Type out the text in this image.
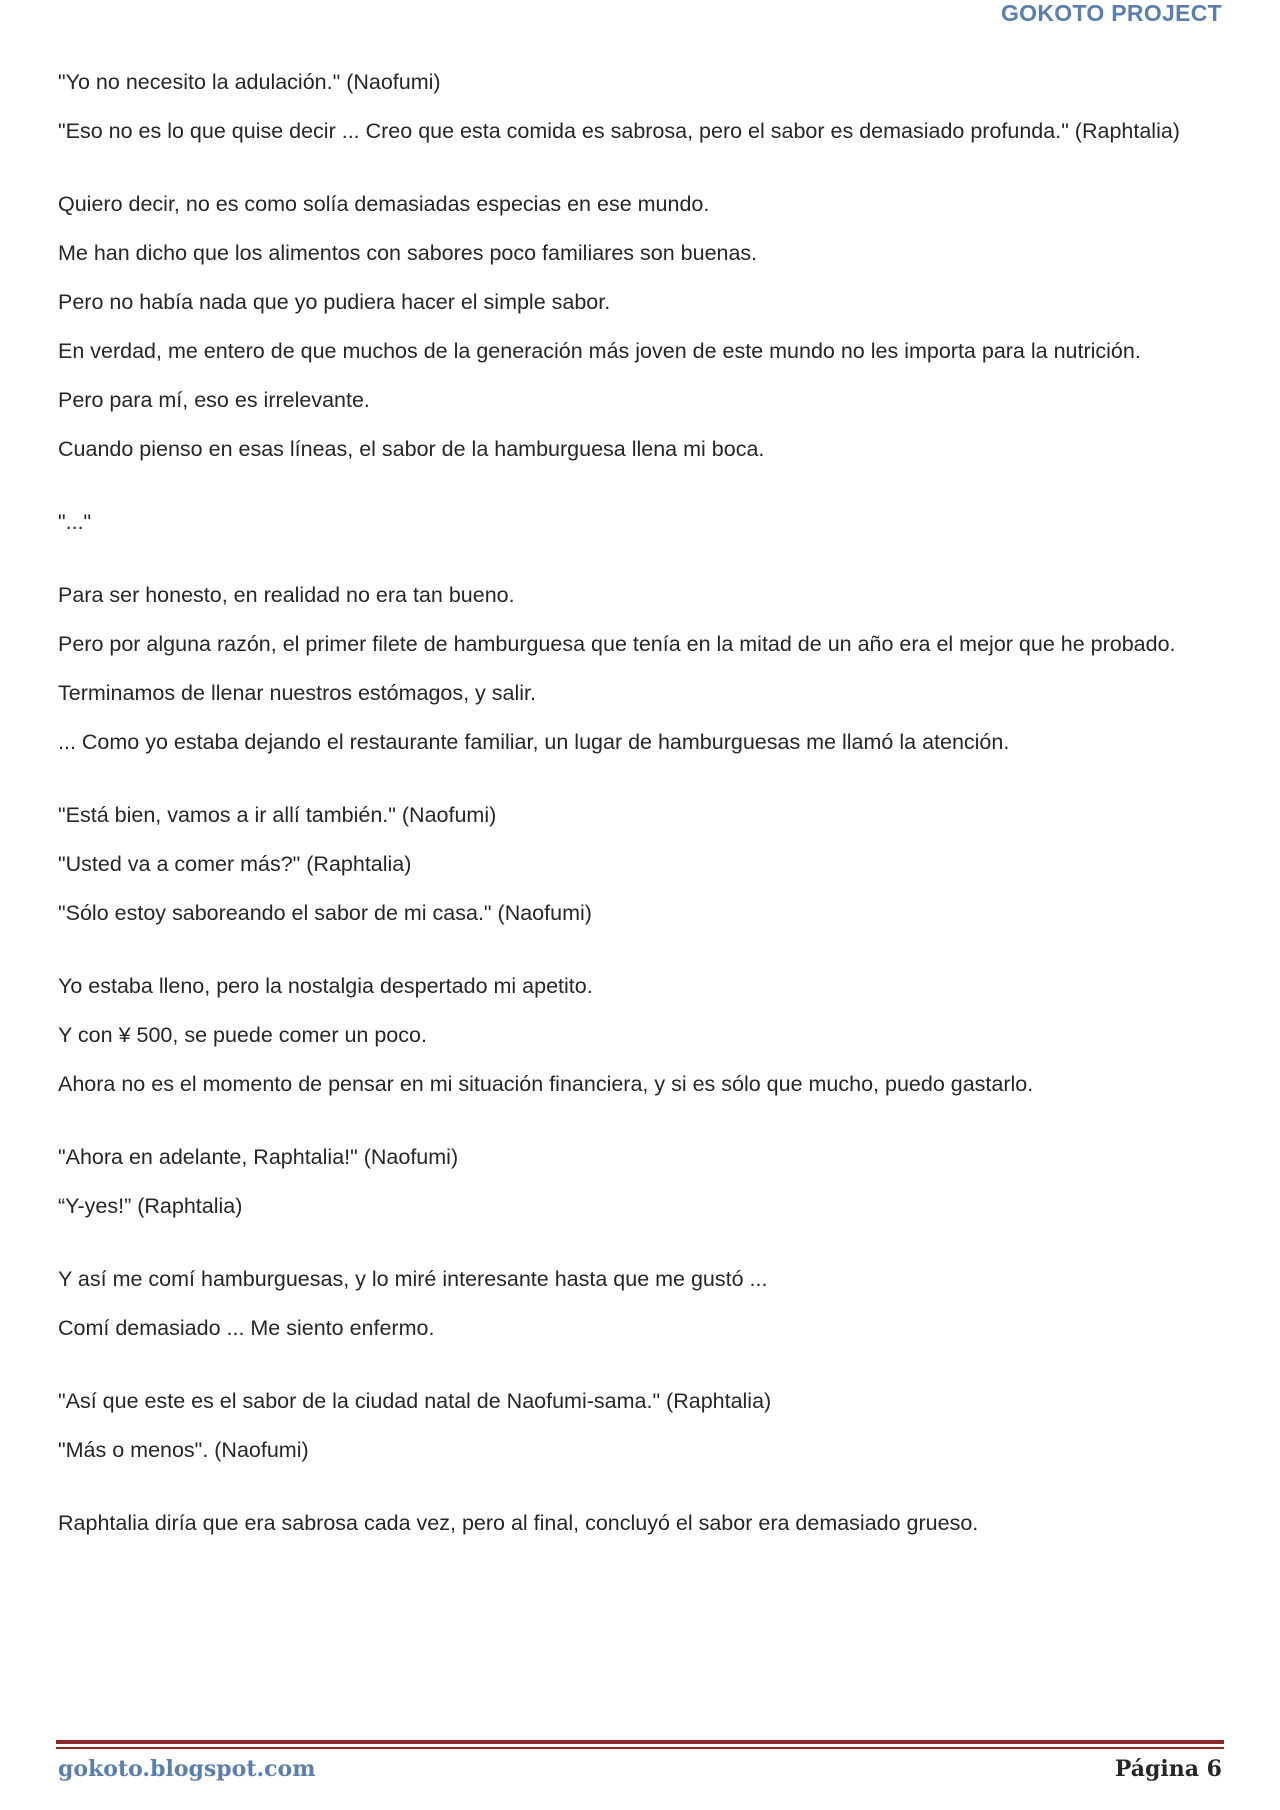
GOKOTO PROJECT

"Yo no necesito la adulación." (Naofumi)

"Eso no es lo que quise decir ... Creo que esta comida es sabrosa, pero el sabor es demasiado profunda." (Raphtalia)

Quiero decir, no es como solía demasiadas especias en ese mundo.

Me han dicho que los alimentos con sabores poco familiares son buenas.

Pero no había nada que yo pudiera hacer el simple sabor.

En verdad, me entero de que muchos de la generación más joven de este mundo no les importa para la nutrición.

Pero para mí, eso es irrelevante.

Cuando pienso en esas líneas, el sabor de la hamburguesa llena mi boca.

"..."

Para ser honesto, en realidad no era tan bueno.

Pero por alguna razón, el primer filete de hamburguesa que tenía en la mitad de un año era el mejor que he probado.

Terminamos de llenar nuestros estómagos, y salir.

... Como yo estaba dejando el restaurante familiar, un lugar de hamburguesas me llamó la atención.

"Está bien, vamos a ir allí también." (Naofumi)

"Usted va a comer más?" (Raphtalia)

"Sólo estoy saboreando el sabor de mi casa." (Naofumi)

Yo estaba lleno, pero la nostalgia despertado mi apetito.

Y con ¥ 500, se puede comer un poco.

Ahora no es el momento de pensar en mi situación financiera, y si es sólo que mucho, puedo gastarlo.

"Ahora en adelante, Raphtalia!" (Naofumi)

“Y-yes!” (Raphtalia)

Y así me comí hamburguesas, y lo miré interesante hasta que me gustó ...

Comí demasiado ... Me siento enfermo.

"Así que este es el sabor de la ciudad natal de Naofumi-sama." (Raphtalia)

"Más o menos". (Naofumi)

Raphtalia diría que era sabrosa cada vez, pero al final, concluyó el sabor era demasiado grueso.

gokoto.blogspot.com	Página 6
